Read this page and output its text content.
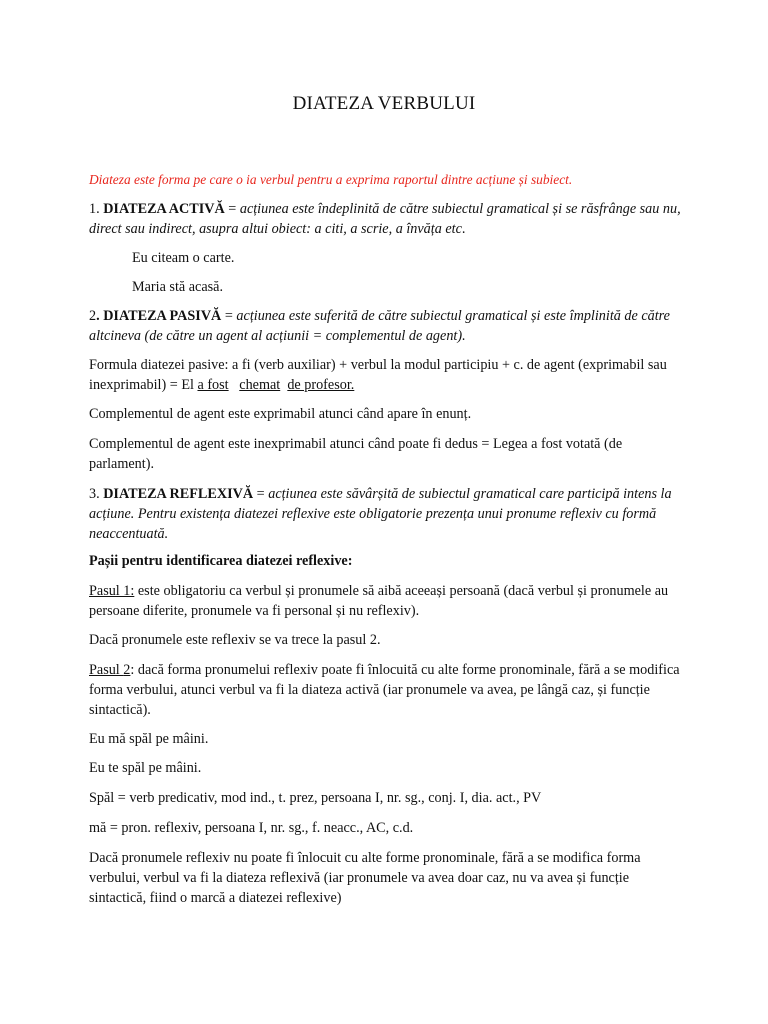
DIATEZA VERBULUI

Diateza este forma pe care o ia verbul pentru a exprima raportul dintre acțiune și subiect.

1. DIATEZA ACTIVĂ = acțiunea este îndeplinită de către subiectul gramatical și se răsfrânge sau nu, direct sau indirect, asupra altui obiect: a citi, a scrie, a învăța etc.

Eu citeam o carte.

Maria stă acasă.

2. DIATEZA PASIVĂ = acțiunea este suferită de către subiectul gramatical și este împlinită de către altcineva (de către un agent al acțiunii = complementul de agent).

Formula diatezei pasive: a fi (verb auxiliar) + verbul la modul participiu + c. de agent (exprimabil sau inexprimabil) = El a fost chemat de profesor.

Complementul de agent este exprimabil atunci când apare în enunț.

Complementul de agent este inexprimabil atunci când poate fi dedus = Legea a fost votată (de parlament).

3. DIATEZA REFLEXIVĂ = acțiunea este săvârșită de subiectul gramatical care participă intens la acțiune. Pentru existența diatezei reflexive este obligatorie prezența unui pronume reflexiv cu formă neaccentuată.

Pașii pentru identificarea diatezei reflexive:

Pasul 1: este obligatoriu ca verbul și pronumele să aibă aceeași persoană (dacă verbul și pronumele au persoane diferite, pronumele va fi personal și nu reflexiv).

Dacă pronumele este reflexiv se va trece la pasul 2.

Pasul 2: dacă forma pronumelui reflexiv poate fi înlocuită cu alte forme pronominale, fără a se modifica forma verbului, atunci verbul va fi la diateza activă (iar pronumele va avea, pe lângă caz, și funcție sintactică).

Eu mă spăl pe mâini.

Eu te spăl pe mâini.

Spăl = verb predicativ, mod ind., t. prez, persoana I, nr. sg., conj. I, dia. act., PV

mă = pron. reflexiv, persoana I, nr. sg., f. neacc., AC, c.d.

Dacă pronumele reflexiv nu poate fi înlocuit cu alte forme pronominale, fără a se modifica forma verbului, verbul va fi la diateza reflexivă (iar pronumele va avea doar caz, nu va avea și funcție sintactică, fiind o marcă a diatezei reflexive)
